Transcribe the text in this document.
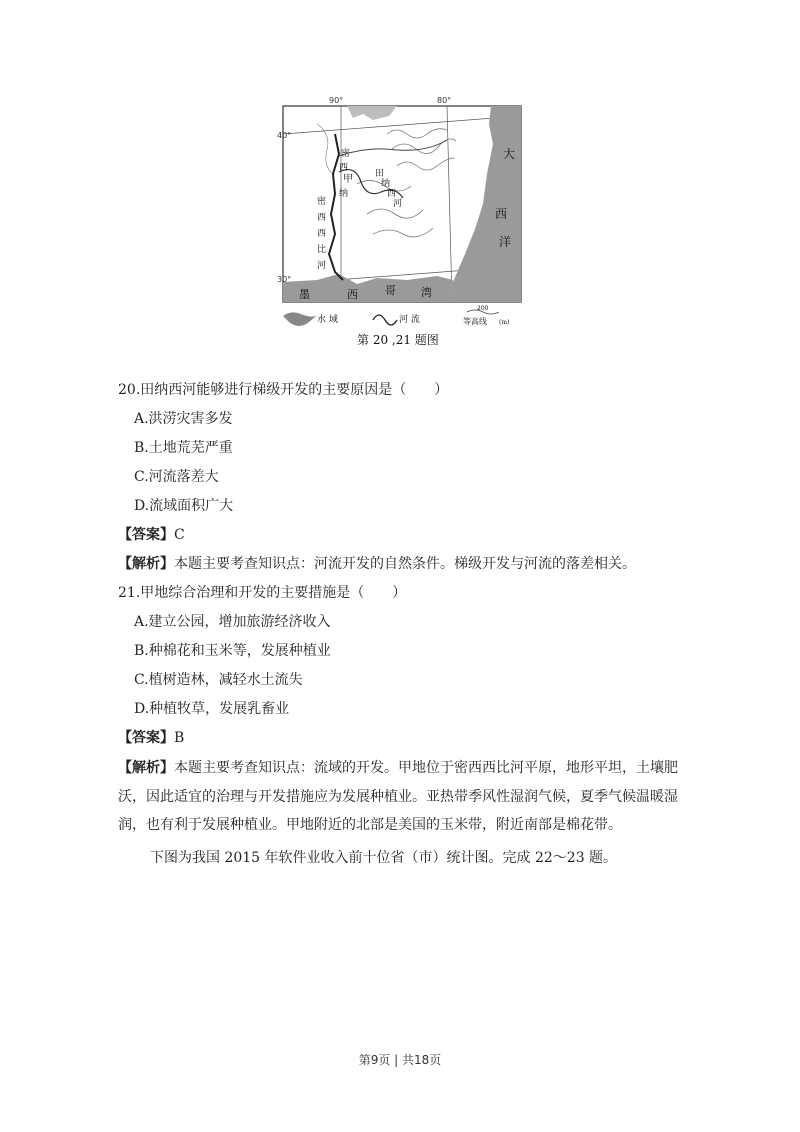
90°	80°
40°
30°
甲
大
西
洋
墨	西 哥 湾
田
纳
西
河
密
西
西
比
河
纳
密
西
水 域	河 流
200
等高线 (m)
第 20 ,21 题图
20.田纳西河能够进行梯级开发的主要原因是（　　）
A.洪涝灾害多发
B.土地荒芜严重
C.河流落差大
D.流域面积广大
【答案】C
【解析】本题主要考查知识点：河流开发的自然条件。梯级开发与河流的落差相关。
21.甲地综合治理和开发的主要措施是（　　）
A.建立公园，增加旅游经济收入
B.种棉花和玉米等，发展种植业
C.植树造林，减轻水土流失
D.种植牧草，发展乳畜业
【答案】B
【解析】本题主要考查知识点：流域的开发。甲地位于密西西比河平原，地形平坦，土壤肥沃，因此适宜的治理与开发措施应为发展种植业。亚热带季风性湿润气候，夏季气候温暖湿润，也有利于发展种植业。甲地附近的北部是美国的玉米带，附近南部是棉花带。
下图为我国 2015 年软件业收入前十位省（市）统计图。完成 22～23 题。
第9页 | 共18页
